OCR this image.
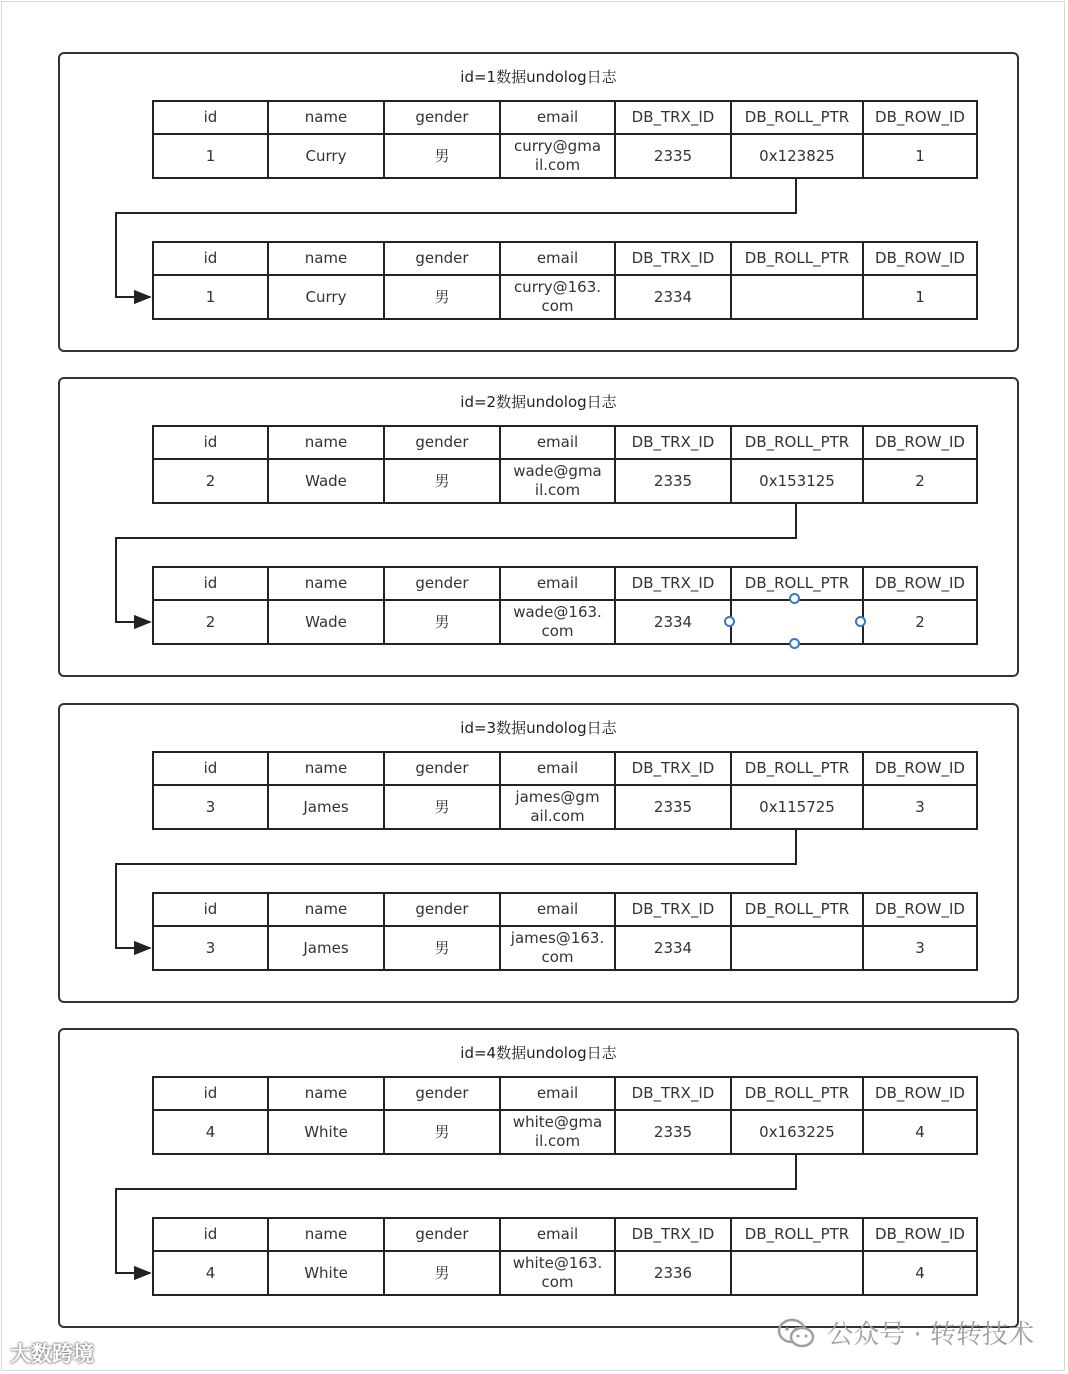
id=1数据undolog日志
id	name	gender	email	DB_TRX_ID	DB_ROLL_PTR	DB_ROW_ID
1	Curry	男	curry@gma
il.com	2335	0x123825	1
id	name	gender	email	DB_TRX_ID	DB_ROLL_PTR	DB_ROW_ID
1	Curry	男	curry@163.
com	2334		1
id=2数据undolog日志
id	name	gender	email	DB_TRX_ID	DB_ROLL_PTR	DB_ROW_ID
2	Wade	男	wade@gma
il.com	2335	0x153125	2
id	name	gender	email	DB_TRX_ID	DB_ROLL_PTR	DB_ROW_ID
2	Wade	男	wade@163.
com	2334		2
id=3数据undolog日志
id	name	gender	email	DB_TRX_ID	DB_ROLL_PTR	DB_ROW_ID
3	James	男	james@gm
ail.com	2335	0x115725	3
id	name	gender	email	DB_TRX_ID	DB_ROLL_PTR	DB_ROW_ID
3	James	男	james@163.
com	2334		3
id=4数据undolog日志
id	name	gender	email	DB_TRX_ID	DB_ROLL_PTR	DB_ROW_ID
4	White	男	white@gma
il.com	2335	0x163225	4
id	name	gender	email	DB_TRX_ID	DB_ROLL_PTR	DB_ROW_ID
4	White	男	white@163.
com	2336		4
大数跨境
公众号 · 转转技术
